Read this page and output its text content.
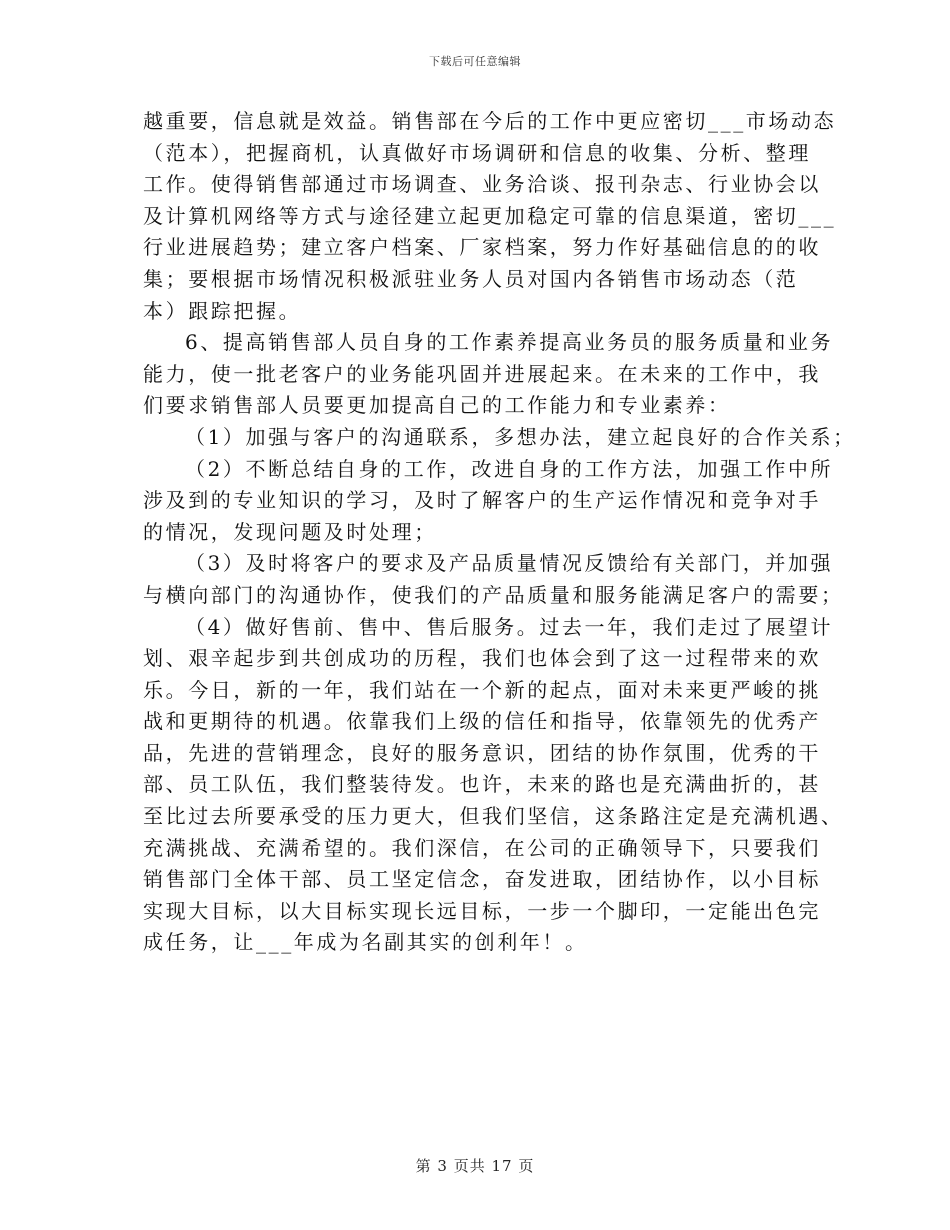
下载后可任意编辑
越重要，信息就是效益。销售部在今后的工作中更应密切___市场动态
（范本），把握商机，认真做好市场调研和信息的收集、分析、整理
工作。使得销售部通过市场调查、业务洽谈、报刊杂志、行业协会以
及计算机网络等方式与途径建立起更加稳定可靠的信息渠道，密切___
行业进展趋势；建立客户档案、厂家档案，努力作好基础信息的的收
集；要根据市场情况积极派驻业务人员对国内各销售市场动态（范
本）跟踪把握。
6、提高销售部人员自身的工作素养提高业务员的服务质量和业务
能力，使一批老客户的业务能巩固并进展起来。在未来的工作中，我
们要求销售部人员要更加提高自己的工作能力和专业素养：
（1）加强与客户的沟通联系，多想办法，建立起良好的合作关系；
（2）不断总结自身的工作，改进自身的工作方法，加强工作中所
涉及到的专业知识的学习，及时了解客户的生产运作情况和竞争对手
的情况，发现问题及时处理；
（3）及时将客户的要求及产品质量情况反馈给有关部门，并加强
与横向部门的沟通协作，使我们的产品质量和服务能满足客户的需要；
（4）做好售前、售中、售后服务。过去一年，我们走过了展望计
划、艰辛起步到共创成功的历程，我们也体会到了这一过程带来的欢
乐。今日，新的一年，我们站在一个新的起点，面对未来更严峻的挑
战和更期待的机遇。依靠我们上级的信任和指导，依靠领先的优秀产
品，先进的营销理念，良好的服务意识，团结的协作氛围，优秀的干
部、员工队伍，我们整装待发。也许，未来的路也是充满曲折的，甚
至比过去所要承受的压力更大，但我们坚信，这条路注定是充满机遇、
充满挑战、充满希望的。我们深信，在公司的正确领导下，只要我们
销售部门全体干部、员工坚定信念，奋发进取，团结协作，以小目标
实现大目标，以大目标实现长远目标，一步一个脚印，一定能出色完
成任务，让___年成为名副其实的创利年！。
第 3 页共 17 页
